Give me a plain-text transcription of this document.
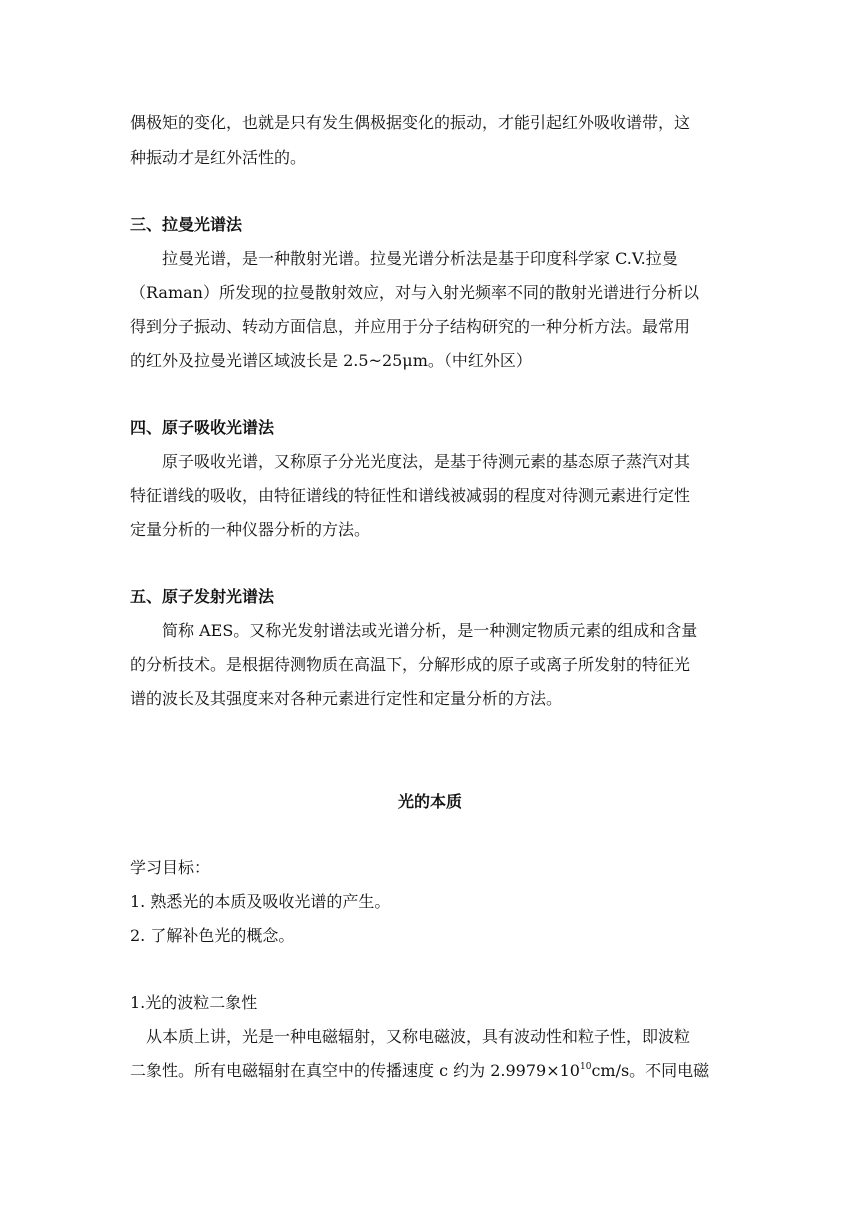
偶极矩的变化，也就是只有发生偶极据变化的振动，才能引起红外吸收谱带，这
种振动才是红外活性的。
三、拉曼光谱法
拉曼光谱，是一种散射光谱。拉曼光谱分析法是基于印度科学家 C.V.拉曼
（Raman）所发现的拉曼散射效应，对与入射光频率不同的散射光谱进行分析以
得到分子振动、转动方面信息，并应用于分子结构研究的一种分析方法。最常用
的红外及拉曼光谱区域波长是 2.5~25μm。（中红外区）
四、原子吸收光谱法
原子吸收光谱，又称原子分光光度法，是基于待测元素的基态原子蒸汽对其
特征谱线的吸收，由特征谱线的特征性和谱线被减弱的程度对待测元素进行定性
定量分析的一种仪器分析的方法。
五、原子发射光谱法
简称 AES。又称光发射谱法或光谱分析，是一种测定物质元素的组成和含量
的分析技术。是根据待测物质在高温下，分解形成的原子或离子所发射的特征光
谱的波长及其强度来对各种元素进行定性和定量分析的方法。
光的本质
学习目标：
1. 熟悉光的本质及吸收光谱的产生。
2. 了解补色光的概念。
1.光的波粒二象性
从本质上讲，光是一种电磁辐射，又称电磁波，具有波动性和粒子性，即波粒
二象性。所有电磁辐射在真空中的传播速度 c 约为 $2.9979\times 10^{10}cm/s$。不同电磁
